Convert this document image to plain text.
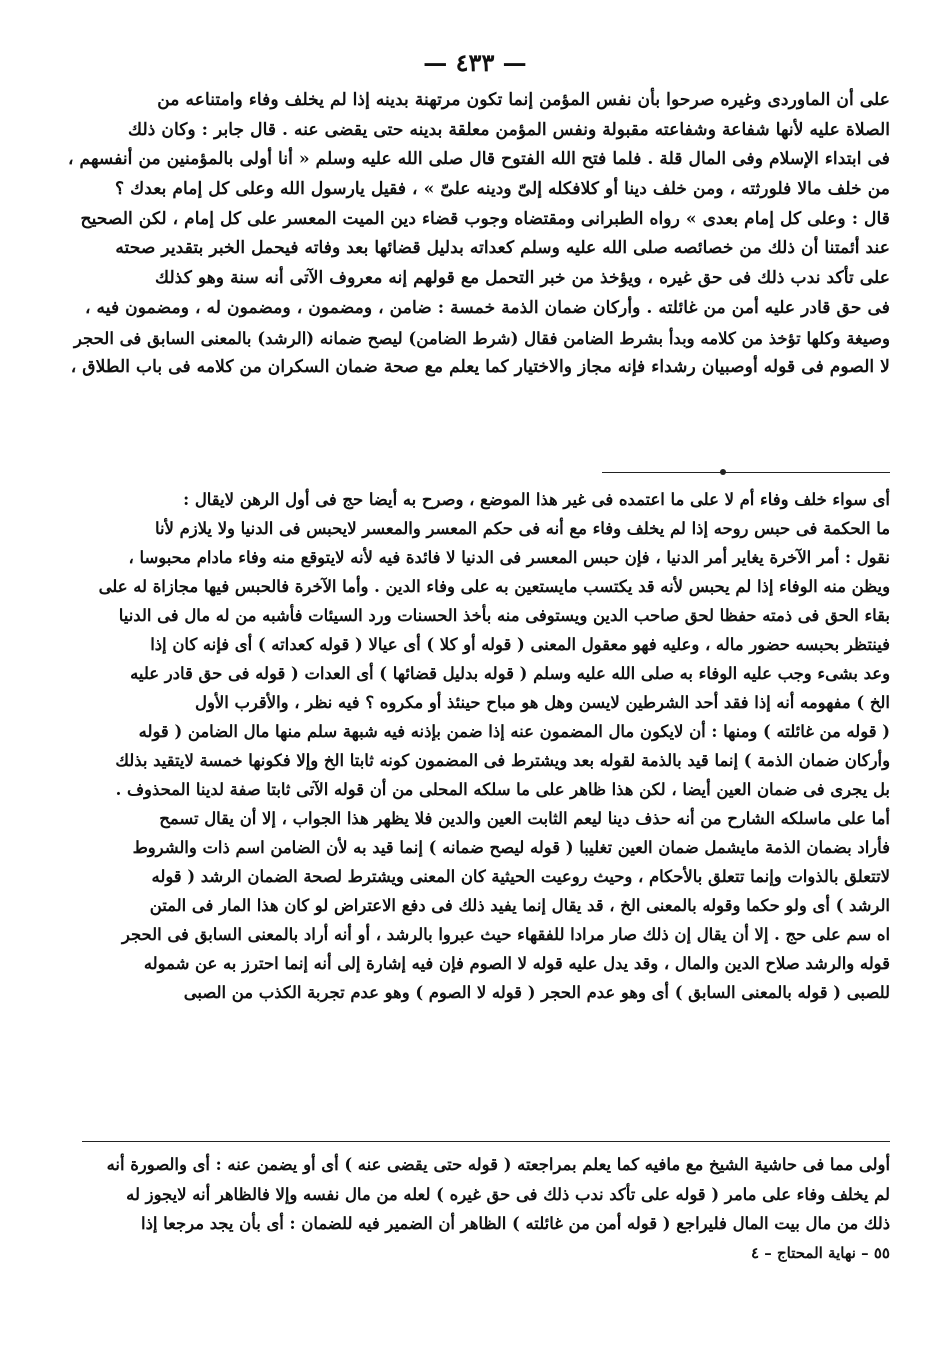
— ٤٣٣ —

على أن الماوردى وغيره صرحوا بأن نفس المؤمن إنما تكون مرتهنة بدينه إذا لم يخلف وفاء وامتناعه من

الصلاة عليه لأنها شفاعة وشفاعته مقبولة ونفس المؤمن معلقة بدينه حتى يقضى عنه . قال جابر : وكان ذلك

فى ابتداء الإسلام وفى المال قلة . فلما فتح الله الفتوح قال صلى الله عليه وسلم « أنا أولى بالمؤمنين من أنفسهم ،

من خلف مالا فلورثته ، ومن خلف دينا أو كلافكله إلىّ ودينه علىّ » ، فقيل يارسول الله وعلى كل إمام بعدك ؟

قال : وعلى كل إمام بعدى » رواه الطبرانى ومقتضاه وجوب قضاء دين الميت المعسر على كل إمام ، لكن الصحيح

عند أئمتنا أن ذلك من خصائصه صلى الله عليه وسلم كعداته بدليل قضائها بعد وفاته فيحمل الخبر بتقدير صحته

على تأكد ندب ذلك فى حق غيره ، ويؤخذ من خبر التحمل مع قولهم إنه معروف الآتى أنه سنة وهو كذلك

فى حق قادر عليه أمن من غائلته . وأركان ضمان الذمة خمسة : ضامن ، ومضمون ، ومضمون له ، ومضمون فيه ،

وصيغة وكلها تؤخذ من كلامه وبدأ بشرط الضامن فقال (شرط الضامن) ليصح ضمانه (الرشد) بالمعنى السابق فى الحجر

لا الصوم فى قوله أوصبيان رشداء فإنه مجاز والاختيار كما يعلم مع صحة ضمان السكران من كلامه فى باب الطلاق ،

أى سواء خلف وفاء أم لا على ما اعتمده فى غير هذا الموضع ، وصرح به أيضا حج فى أول الرهن لايقال :

ما الحكمة فى حبس روحه إذا لم يخلف وفاء مع أنه فى حكم المعسر والمعسر لايحبس فى الدنيا ولا يلازم لأنا

نقول : أمر الآخرة يغاير أمر الدنيا ، فإن حبس المعسر فى الدنيا لا فائدة فيه لأنه لايتوقع منه وفاء مادام محبوسا ،

ويظن منه الوفاء إذا لم يحبس لأنه قد يكتسب مايستعين به على وفاء الدين . وأما الآخرة فالحبس فيها مجازاة له على

بقاء الحق فى ذمته حفظا لحق صاحب الدين ويستوفى منه بأخذ الحسنات ورد السيئات فأشبه من له مال فى الدنيا

فينتظر بحبسه حضور ماله ، وعليه فهو معقول المعنى ( قوله أو كلا ) أى عيالا ( قوله كعداته ) أى فإنه كان إذا

وعد بشىء وجب عليه الوفاء به صلى الله عليه وسلم ( قوله بدليل قضائها ) أى العدات ( قوله فى حق قادر عليه

الخ ) مفهومه أنه إذا فقد أحد الشرطين لايسن وهل هو مباح حينئذ أو مكروه ؟ فيه نظر ، والأقرب الأول

( قوله من غائلته ) ومنها : أن لايكون مال المضمون عنه إذا ضمن بإذنه فيه شبهة سلم منها مال الضامن ( قوله

وأركان ضمان الذمة ) إنما قيد بالذمة لقوله بعد ويشترط فى المضمون كونه ثابتا الخ وإلا فكونها خمسة لايتقيد بذلك

بل يجرى فى ضمان العين أيضا ، لكن هذا ظاهر على ما سلكه المحلى من أن قوله الآتى ثابتا صفة لدينا المحذوف .

أما على ماسلكه الشارح من أنه حذف دينا ليعم الثابت العين والدين فلا يظهر هذا الجواب ، إلا أن يقال تسمح

فأراد بضمان الذمة مايشمل ضمان العين تغليبا ( قوله ليصح ضمانه ) إنما قيد به لأن الضامن اسم ذات والشروط

لاتتعلق بالذوات وإنما تتعلق بالأحكام ، وحيث روعيت الحيثية كان المعنى ويشترط لصحة الضمان الرشد ( قوله

الرشد ) أى ولو حكما وقوله بالمعنى الخ ، قد يقال إنما يفيد ذلك فى دفع الاعتراض لو كان هذا المار فى المتن

اه سم على حج . إلا أن يقال إن ذلك صار مرادا للفقهاء حيث عبروا بالرشد ، أو أنه أراد بالمعنى السابق فى الحجر

قوله والرشد صلاح الدين والمال ، وقد يدل عليه قوله لا الصوم فإن فيه إشارة إلى أنه إنما احترز به عن شموله

للصبى ( قوله بالمعنى السابق ) أى وهو عدم الحجر ( قوله لا الصوم ) وهو عدم تجربة الكذب من الصبى

أولى مما فى حاشية الشيخ مع مافيه كما يعلم بمراجعته ( قوله حتى يقضى عنه ) أى أو يضمن عنه : أى والصورة أنه

لم يخلف وفاء على مامر ( قوله على تأكد ندب ذلك فى حق غيره ) لعله من مال نفسه وإلا فالظاهر أنه لايجوز له

ذلك من مال بيت المال فليراجع ( قوله أمن من غائلته ) الظاهر أن الضمير فيه للضمان : أى بأن يجد مرجعا إذا

٥٥ – نهاية المحتاج – ٤
